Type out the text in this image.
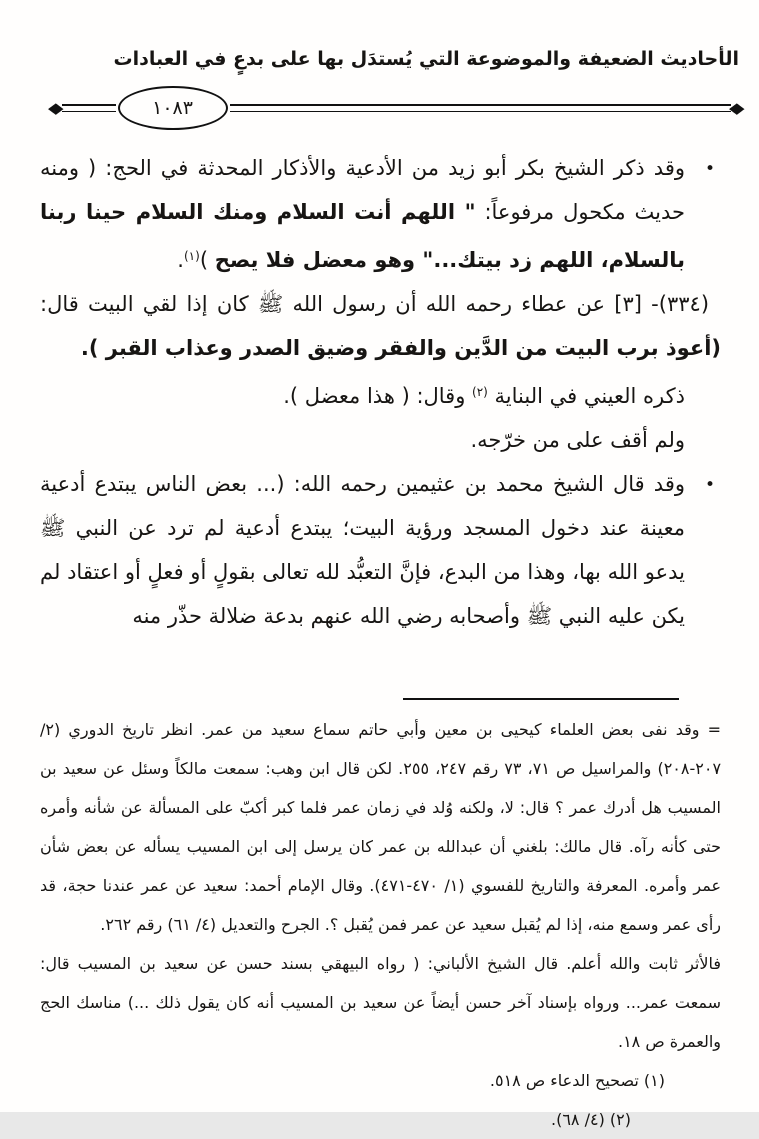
الأحاديث الضعيفة والموضوعة التي يُستدَل بها على بدعٍ في العبادات
◆	١٠٨٣	◆

•
وقد ذكر الشيخ بكر أبو زيد من الأدعية والأذكار المحدثة في الحج: ( ومنه حديث مكحول مرفوعاً: " اللهم أنت السلام ومنك السلام حينا ربنا بالسلام، اللهم زد بيتك..." وهو معضل فلا يصح )$^{(١)}$.

(٣٣٤)- [٣] عن عطاء رحمه الله أن رسول الله ﷺ كان إذا لقي البيت قال: (أعوذ برب البيت من الدَّين والفقر وضيق الصدر وعذاب القبر ).

ذكره العيني في البناية $^{(٢)}$ وقال: ( هذا معضل ).

ولم أقف على من خرّجه.

•
وقد قال الشيخ محمد بن عثيمين رحمه الله: (... بعض الناس يبتدع أدعية معينة عند دخول المسجد ورؤية البيت؛ يبتدع أدعية لم ترد عن النبي ﷺ يدعو الله بها، وهذا من البدع، فإنَّ التعبُّد لله تعالى بقولٍ أو فعلٍ أو اعتقاد لم يكن عليه النبي ﷺ وأصحابه رضي الله عنهم بدعة ضلالة حذّر منه

= وقد نفى بعض العلماء كيحيى بن معين وأبي حاتم سماع سعيد من عمر. انظر تاريخ الدوري (٢/ ٢٠٧-٢٠٨) والمراسيل ص ٧١، ٧٣ رقم ٢٤٧، ٢٥٥. لكن قال ابن وهب: سمعت مالكاً وسئل عن سعيد بن المسيب هل أدرك عمر ؟ قال: لا، ولكنه وُلد في زمان عمر فلما كبر أكبّ على المسألة عن شأنه وأمره حتى كأنه رآه. قال مالك: بلغني أن عبدالله بن عمر كان يرسل إلى ابن المسيب يسأله عن بعض شأن عمر وأمره. المعرفة والتاريخ للفسوي (١/ ٤٧٠-٤٧١). وقال الإمام أحمد: سعيد عن عمر عندنا حجة، قد رأى عمر وسمع منه، إذا لم يُقبل سعيد عن عمر فمن يُقبل ؟. الجرح والتعديل (٤/ ٦١) رقم ٢٦٢.

فالأثر ثابت والله أعلم. قال الشيخ الألباني: ( رواه البيهقي بسند حسن عن سعيد بن المسيب قال: سمعت عمر... ورواه بإسناد آخر حسن أيضاً عن سعيد بن المسيب أنه كان يقول ذلك ...) مناسك الحج والعمرة ص ١٨.

(١) تصحيح الدعاء ص ٥١٨.

(٢) (٤/ ٦٨).
